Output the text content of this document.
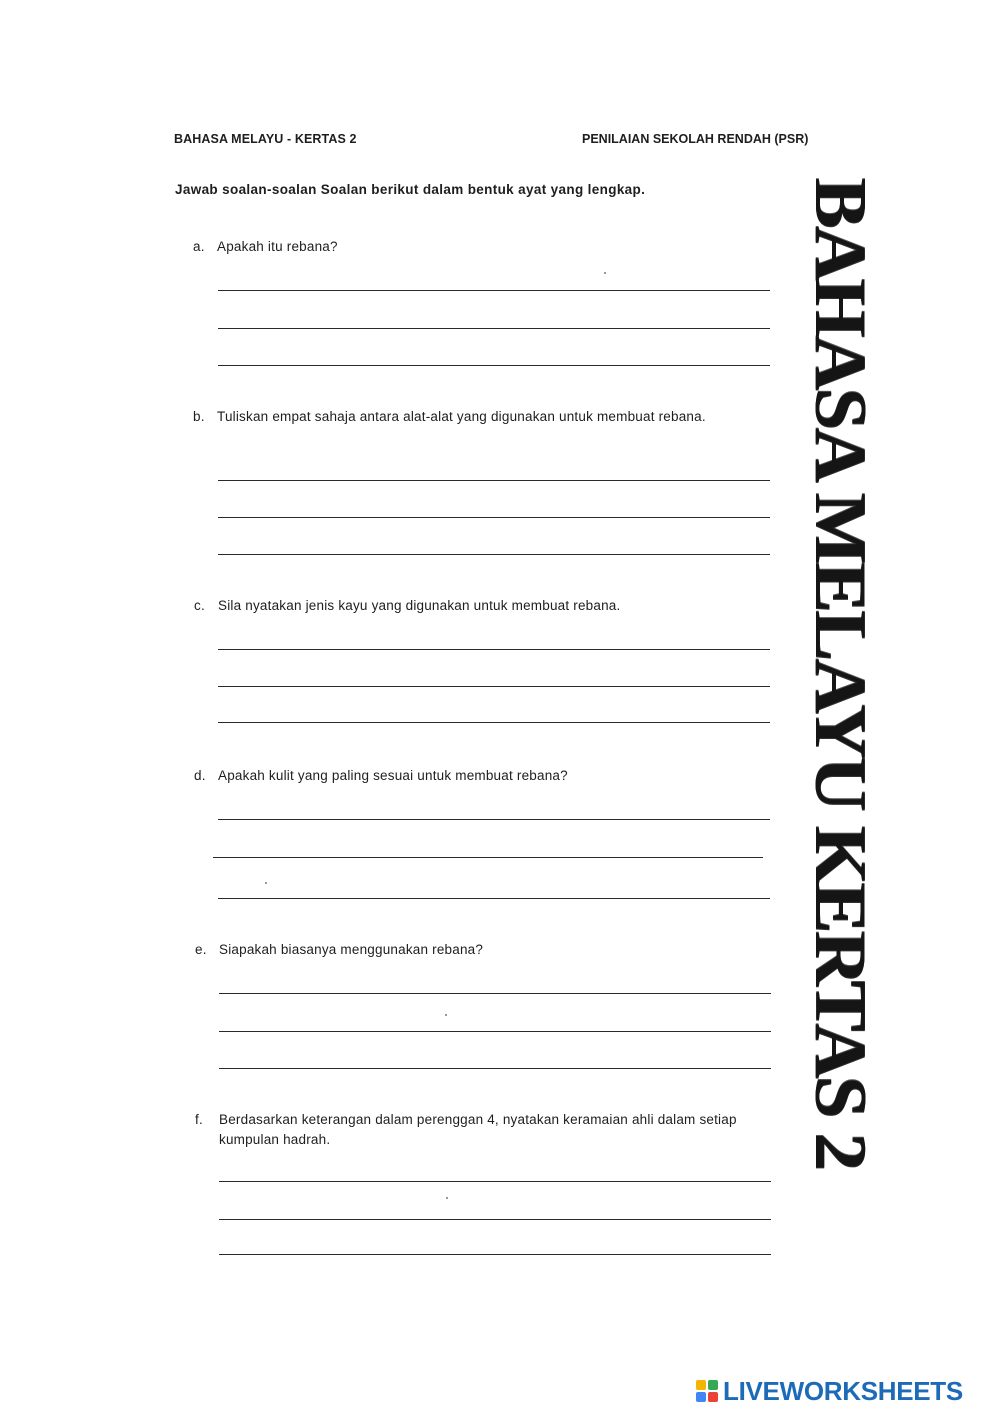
BAHASA MELAYU - KERTAS 2	PENILAIAN SEKOLAH RENDAH (PSR)
Jawab soalan-soalan Soalan berikut dalam bentuk ayat yang lengkap.
a. Apakah itu rebana?
b. Tuliskan empat sahaja antara alat-alat yang digunakan untuk membuat rebana.
c. Sila nyatakan jenis kayu yang digunakan untuk membuat rebana.
d. Apakah kulit yang paling sesuai untuk membuat rebana?
e. Siapakah biasanya menggunakan rebana?
f.	Berdasarkan keterangan dalam perenggan 4, nyatakan keramaian ahli dalam setiap kumpulan hadrah.	BAHASA MELAYU KERTAS 2
LIVEWORKSHEETS
